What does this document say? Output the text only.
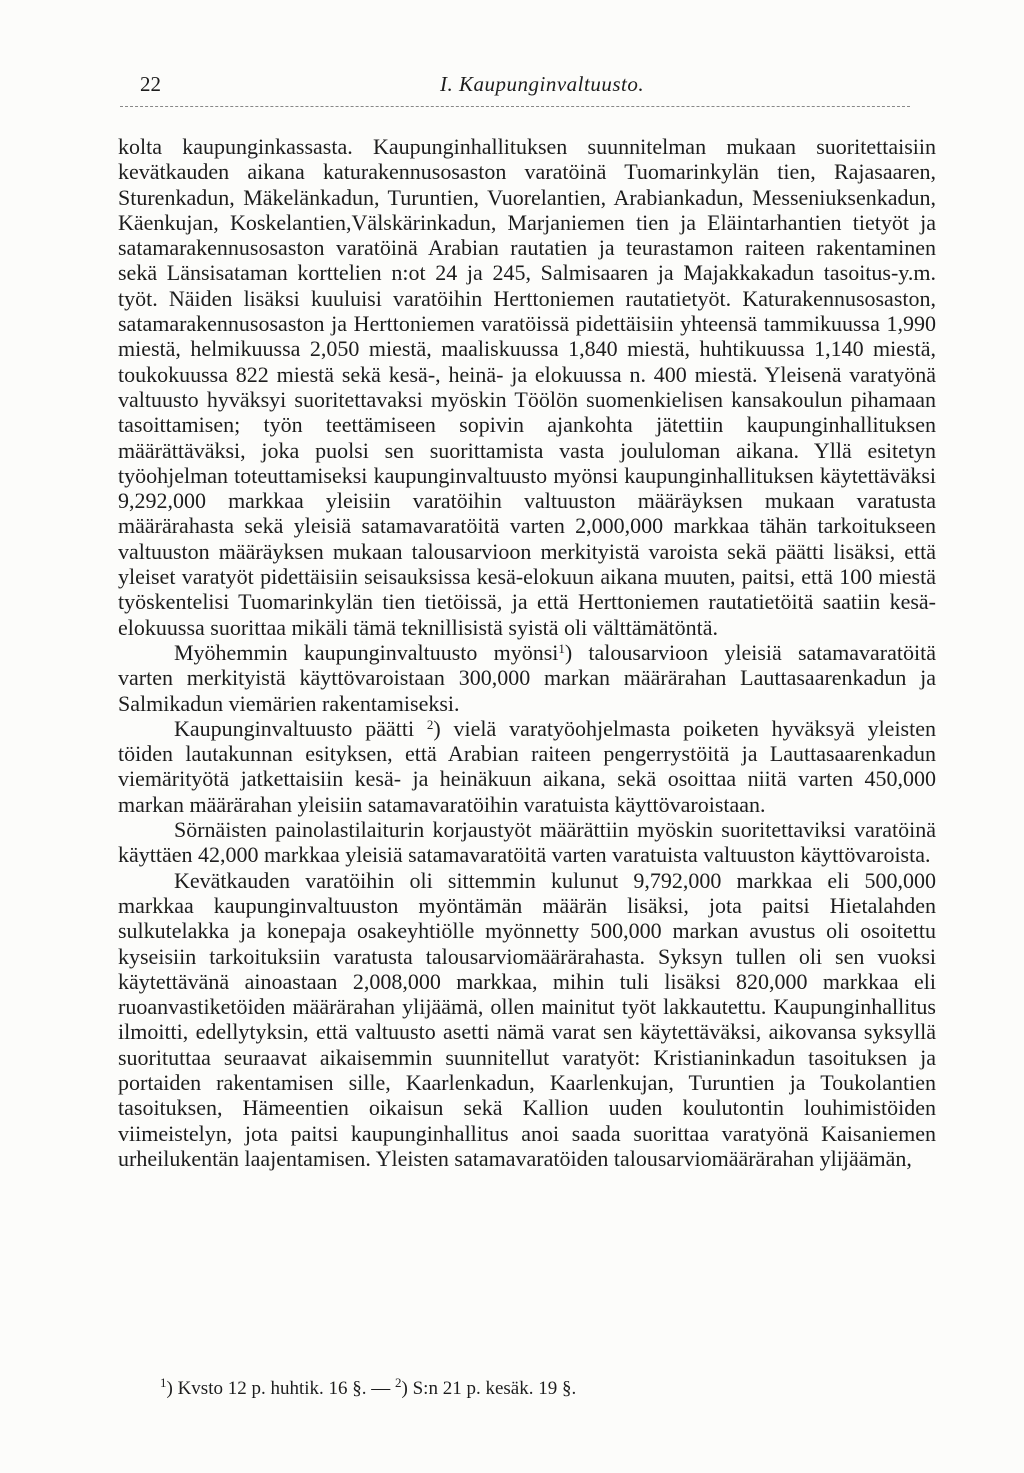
22	I. Kaupunginvaltuusto.

kolta kaupunginkassasta. Kaupunginhallituksen suunnitelman mukaan suoritettaisiin kevätkauden aikana katurakennusosaston varatöinä Tuomarinkylän tien, Rajasaaren, Sturenkadun, Mäkelänkadun, Turuntien, Vuorelantien, Arabiankadun, Messeniuksenkadun, Käenkujan, Koskelantien,Välskärinkadun, Marjaniemen tien ja Eläintarhantien tietyöt ja satamarakennusosaston varatöinä Arabian rautatien ja teurastamon raiteen rakentaminen sekä Länsisataman korttelien n:ot 24 ja 245, Salmisaaren ja Majakkakadun tasoitus-y.m. työt. Näiden lisäksi kuuluisi varatöihin Herttoniemen rautatietyöt. Katurakennusosaston, satamarakennusosaston ja Herttoniemen varatöissä pidettäisiin yhteensä tammikuussa 1,990 miestä, helmikuussa 2,050 miestä, maaliskuussa 1,840 miestä, huhtikuussa 1,140 miestä, toukokuussa 822 miestä sekä kesä-, heinä- ja elokuussa n. 400 miestä. Yleisenä varatyönä valtuusto hyväksyi suoritettavaksi myöskin Töölön suomenkielisen kansakoulun pihamaan tasoittamisen; työn teettämiseen sopivin ajankohta jätettiin kaupunginhallituksen määrättäväksi, joka puolsi sen suorittamista vasta joululoman aikana. Yllä esitetyn työohjelman toteuttamiseksi kaupunginvaltuusto myönsi kaupunginhallituksen käytettäväksi 9,292,000 markkaa yleisiin varatöihin valtuuston määräyksen mukaan varatusta määrärahasta sekä yleisiä satamavaratöitä varten 2,000,000 markkaa tähän tarkoitukseen valtuuston määräyksen mukaan talousarvioon merkityistä varoista sekä päätti lisäksi, että yleiset varatyöt pidettäisiin seisauksissa kesä-elokuun aikana muuten, paitsi, että 100 miestä työskentelisi Tuomarinkylän tien tietöissä, ja että Herttoniemen rautatietöitä saatiin kesä-elokuussa suorittaa mikäli tämä teknillisistä syistä oli välttämätöntä.

Myöhemmin kaupunginvaltuusto myönsi$^1$) talousarvioon yleisiä satamavaratöitä varten merkityistä käyttövaroistaan 300,000 markan määrärahan Lauttasaarenkadun ja Salmikadun viemärien rakentamiseksi.

Kaupunginvaltuusto päätti $^2$) vielä varatyöohjelmasta poiketen hyväksyä yleisten töiden lautakunnan esityksen, että Arabian raiteen pengerrystöitä ja Lauttasaarenkadun viemärityötä jatkettaisiin kesä- ja heinäkuun aikana, sekä osoittaa niitä varten 450,000 markan määrärahan yleisiin satamavaratöihin varatuista käyttövaroistaan.

Sörnäisten painolastilaiturin korjaustyöt määrättiin myöskin suoritettaviksi varatöinä käyttäen 42,000 markkaa yleisiä satamavaratöitä varten varatuista valtuuston käyttövaroista.

Kevätkauden varatöihin oli sittemmin kulunut 9,792,000 markkaa eli 500,000 markkaa kaupunginvaltuuston myöntämän määrän lisäksi, jota paitsi Hietalahden sulkutelakka ja konepaja osakeyhtiölle myönnetty 500,000 markan avustus oli osoitettu kyseisiin tarkoituksiin varatusta talousarviomäärärahasta. Syksyn tullen oli sen vuoksi käytettävänä ainoastaan 2,008,000 markkaa, mihin tuli lisäksi 820,000 markkaa eli ruoanvastiketöiden määrärahan ylijäämä, ollen mainitut työt lakkautettu. Kaupunginhallitus ilmoitti, edellytyksin, että valtuusto asetti nämä varat sen käytettäväksi, aikovansa syksyllä suorituttaa seuraavat aikaisemmin suunnitellut varatyöt: Kristianinkadun tasoituksen ja portaiden rakentamisen sille, Kaarlenkadun, Kaarlenkujan, Turuntien ja Toukolantien tasoituksen, Hämeentien oikaisun sekä Kallion uuden koulutontin louhimistöiden viimeistelyn, jota paitsi kaupunginhallitus anoi saada suorittaa varatyönä Kaisaniemen urheilukentän laajentamisen. Yleisten satamavaratöiden talousarviomäärärahan ylijäämän,

$^1$) Kvsto 12 p. huhtik. 16 §. — $^2$) S:n 21 p. kesäk. 19 §.
